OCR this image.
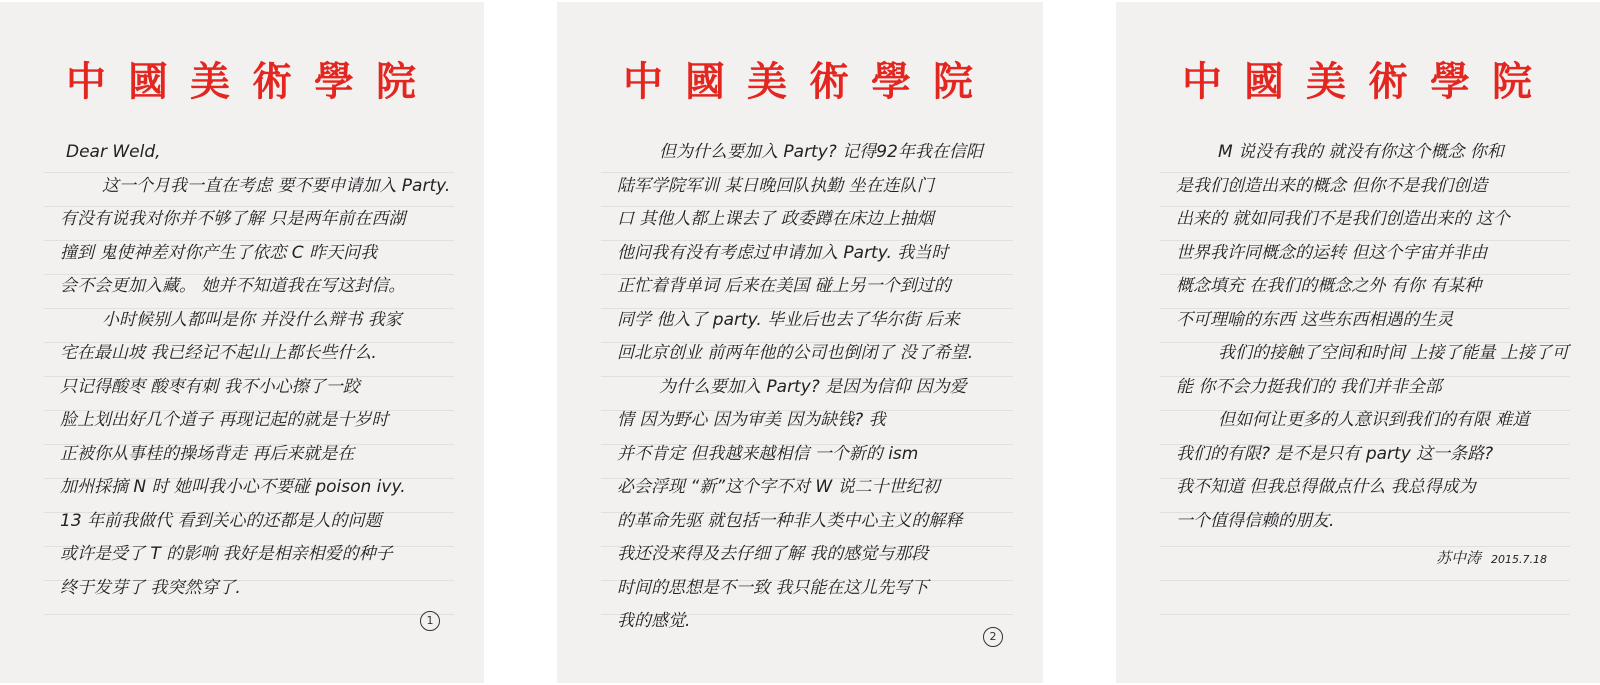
中國美術學院
Dear Weld,
这一个月我一直在考虑 要不要申请加入 Party.
有没有说我对你并不够了解 只是两年前在西湖
撞到 鬼使神差对你产生了依恋 C 昨天问我
会不会更加入藏。 她并不知道我在写这封信。
小时候别人都叫是你 并没什么辩书 我家
宅在最山坡 我已经记不起山上都长些什么.
只记得酸枣 酸枣有刺 我不小心擦了一跤
脸上划出好几个道子 再现记起的就是十岁时
正被你从事桂的操场背走 再后来就是在
加州採摘 N 时 她叫我小心不要碰 poison ivy.
13 年前我做代 看到关心的还都是人的问题
或许是受了 T 的影响 我好是相亲相爱的种子
终于发芽了 我突然穿了.
1
中國美術學院
但为什么要加入 Party? 记得92年我在信阳
陆军学院军训 某日晚回队执勤 坐在连队门
口 其他人都上课去了 政委蹲在床边上抽烟
他问我有没有考虑过申请加入 Party. 我当时
正忙着背单词 后来在美国 碰上另一个到过的
同学 他入了 party. 毕业后也去了华尔街 后来
回北京创业 前两年他的公司也倒闭了 没了希望.
为什么要加入 Party? 是因为信仰 因为爱
情 因为野心 因为审美 因为缺钱? 我
并不肯定 但我越来越相信 一个新的 ism
必会浮现 “新”这个字不对 W 说二十世纪初
的革命先驱 就包括一种非人类中心主义的解释
我还没来得及去仔细了解 我的感觉与那段
时间的思想是不一致 我只能在这儿先写下
我的感觉.
2
中國美術學院
M 说没有我的 就没有你这个概念 你和
是我们创造出来的概念 但你不是我们创造
出来的 就如同我们不是我们创造出来的 这个
世界我许同概念的运转 但这个宇宙并非由
概念填充 在我们的概念之外 有你 有某种
不可理喻的东西 这些东西相遇的生灵
我们的接触了空间和时间 上接了能量 上接了可
能 你不会力挺我们的 我们并非全部
但如何让更多的人意识到我们的有限 难道
我们的有限? 是不是只有 party 这一条路?
我不知道 但我总得做点什么 我总得成为
一个值得信赖的朋友.
苏中涛 2015.7.18
